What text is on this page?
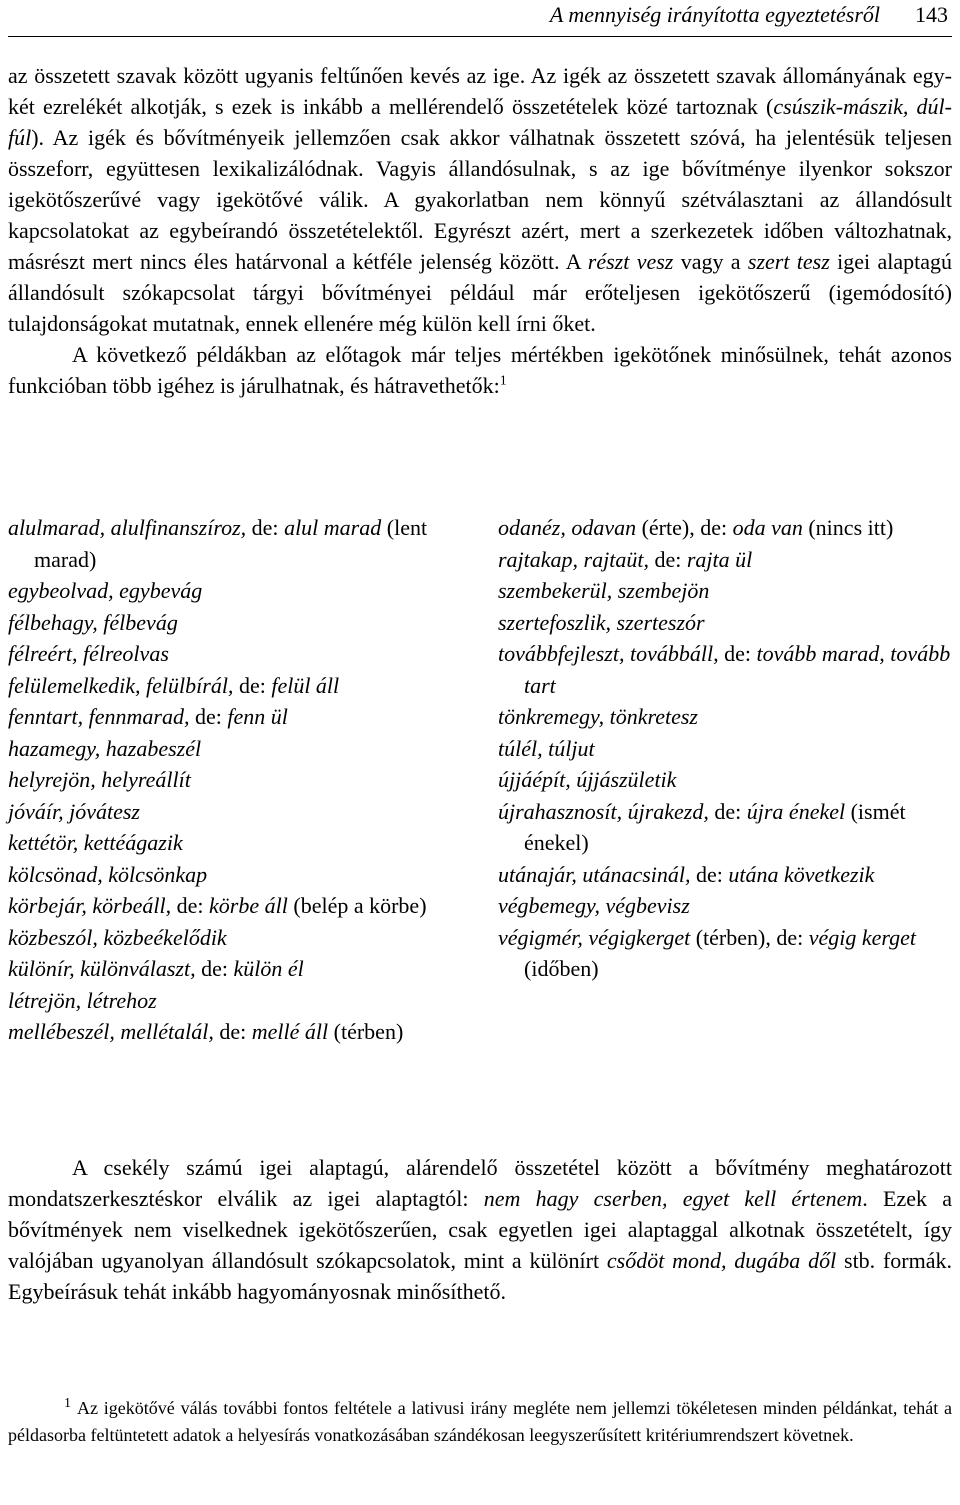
A mennyiség irányította egyeztetésről 143

az összetett szavak között ugyanis feltűnően kevés az ige. Az igék az összetett szavak állományának egy-két ezrelékét alkotják, s ezek is inkább a mellérendelő összetételek közé tartoznak (csúszik-mászik, dúl-fúl). Az igék és bővítményeik jellemzően csak akkor válhatnak összetett szóvá, ha jelentésük teljesen összeforr, együttesen lexikalizálódnak. Vagyis állandósulnak, s az ige bővítménye ilyenkor sokszor igekötőszerűvé vagy igekötővé válik. A gyakorlatban nem könnyű szétválasztani az állandósult kapcsolatokat az egybeírandó összetételektől. Egyrészt azért, mert a szerkezetek időben változhatnak, másrészt mert nincs éles határvonal a kétféle jelenség között. A részt vesz vagy a szert tesz igei alaptagú állandósult szókapcsolat tárgyi bővítményei például már erőteljesen igekötőszerű (igemódosító) tulajdonságokat mutatnak, ennek ellenére még külön kell írni őket.
A következő példákban az előtagok már teljes mértékben igekötőnek minősülnek, tehát azonos funkcióban több igéhez is járulhatnak, és hátravethetők:$^1$

alulmarad, alulfinanszíroz, de: alul marad (lent marad)
egybeolvad, egybevág
félbehagy, félbevág
félreért, félreolvas
felülemelkedik, felülbírál, de: felül áll
fenntart, fennmarad, de: fenn ül
hazamegy, hazabeszél
helyrejön, helyreállít
jóváír, jóvátesz
kettétör, kettéágazik
kölcsönad, kölcsönkap
körbejár, körbeáll, de: körbe áll (belép a körbe)
közbeszól, közbeékelődik
különír, különválaszt, de: külön él
létrejön, létrehoz
mellébeszél, mellétalál, de: mellé áll (térben)
odanéz, odavan (érte), de: oda van (nincs itt)
rajtakap, rajtaüt, de: rajta ül
szembekerül, szembejön
szertefoszlik, szerteszór
továbbfejleszt, továbbáll, de: tovább marad, tovább tart
tönkremegy, tönkretesz
túlél, túljut
újjáépít, újjászületik
újrahasznosít, újrakezd, de: újra énekel (ismét énekel)
utánajár, utánacsinál, de: utána következik
végbemegy, végbevisz
végigmér, végigkerget (térben), de: végig kerget (időben)

A csekély számú igei alaptagú, alárendelő összetétel között a bővítmény meghatározott mondatszerkesztéskor elválik az igei alaptagtól: nem hagy cserben, egyet kell értenem. Ezek a bővítmények nem viselkednek igekötőszerűen, csak egyetlen igei alaptaggal alkotnak összetételt, így valójában ugyanolyan állandósult szókapcsolatok, mint a különírt csődöt mond, dugába dől stb. formák. Egybeírásuk tehát inkább hagyományosnak minősíthető.

$^1$ Az igekötővé válás további fontos feltétele a lativusi irány megléte nem jellemzi tökéletesen minden példánkat, tehát a példasorba feltüntetett adatok a helyesírás vonatkozásában szándékosan leegyszerűsített kritériumrendszert követnek.
